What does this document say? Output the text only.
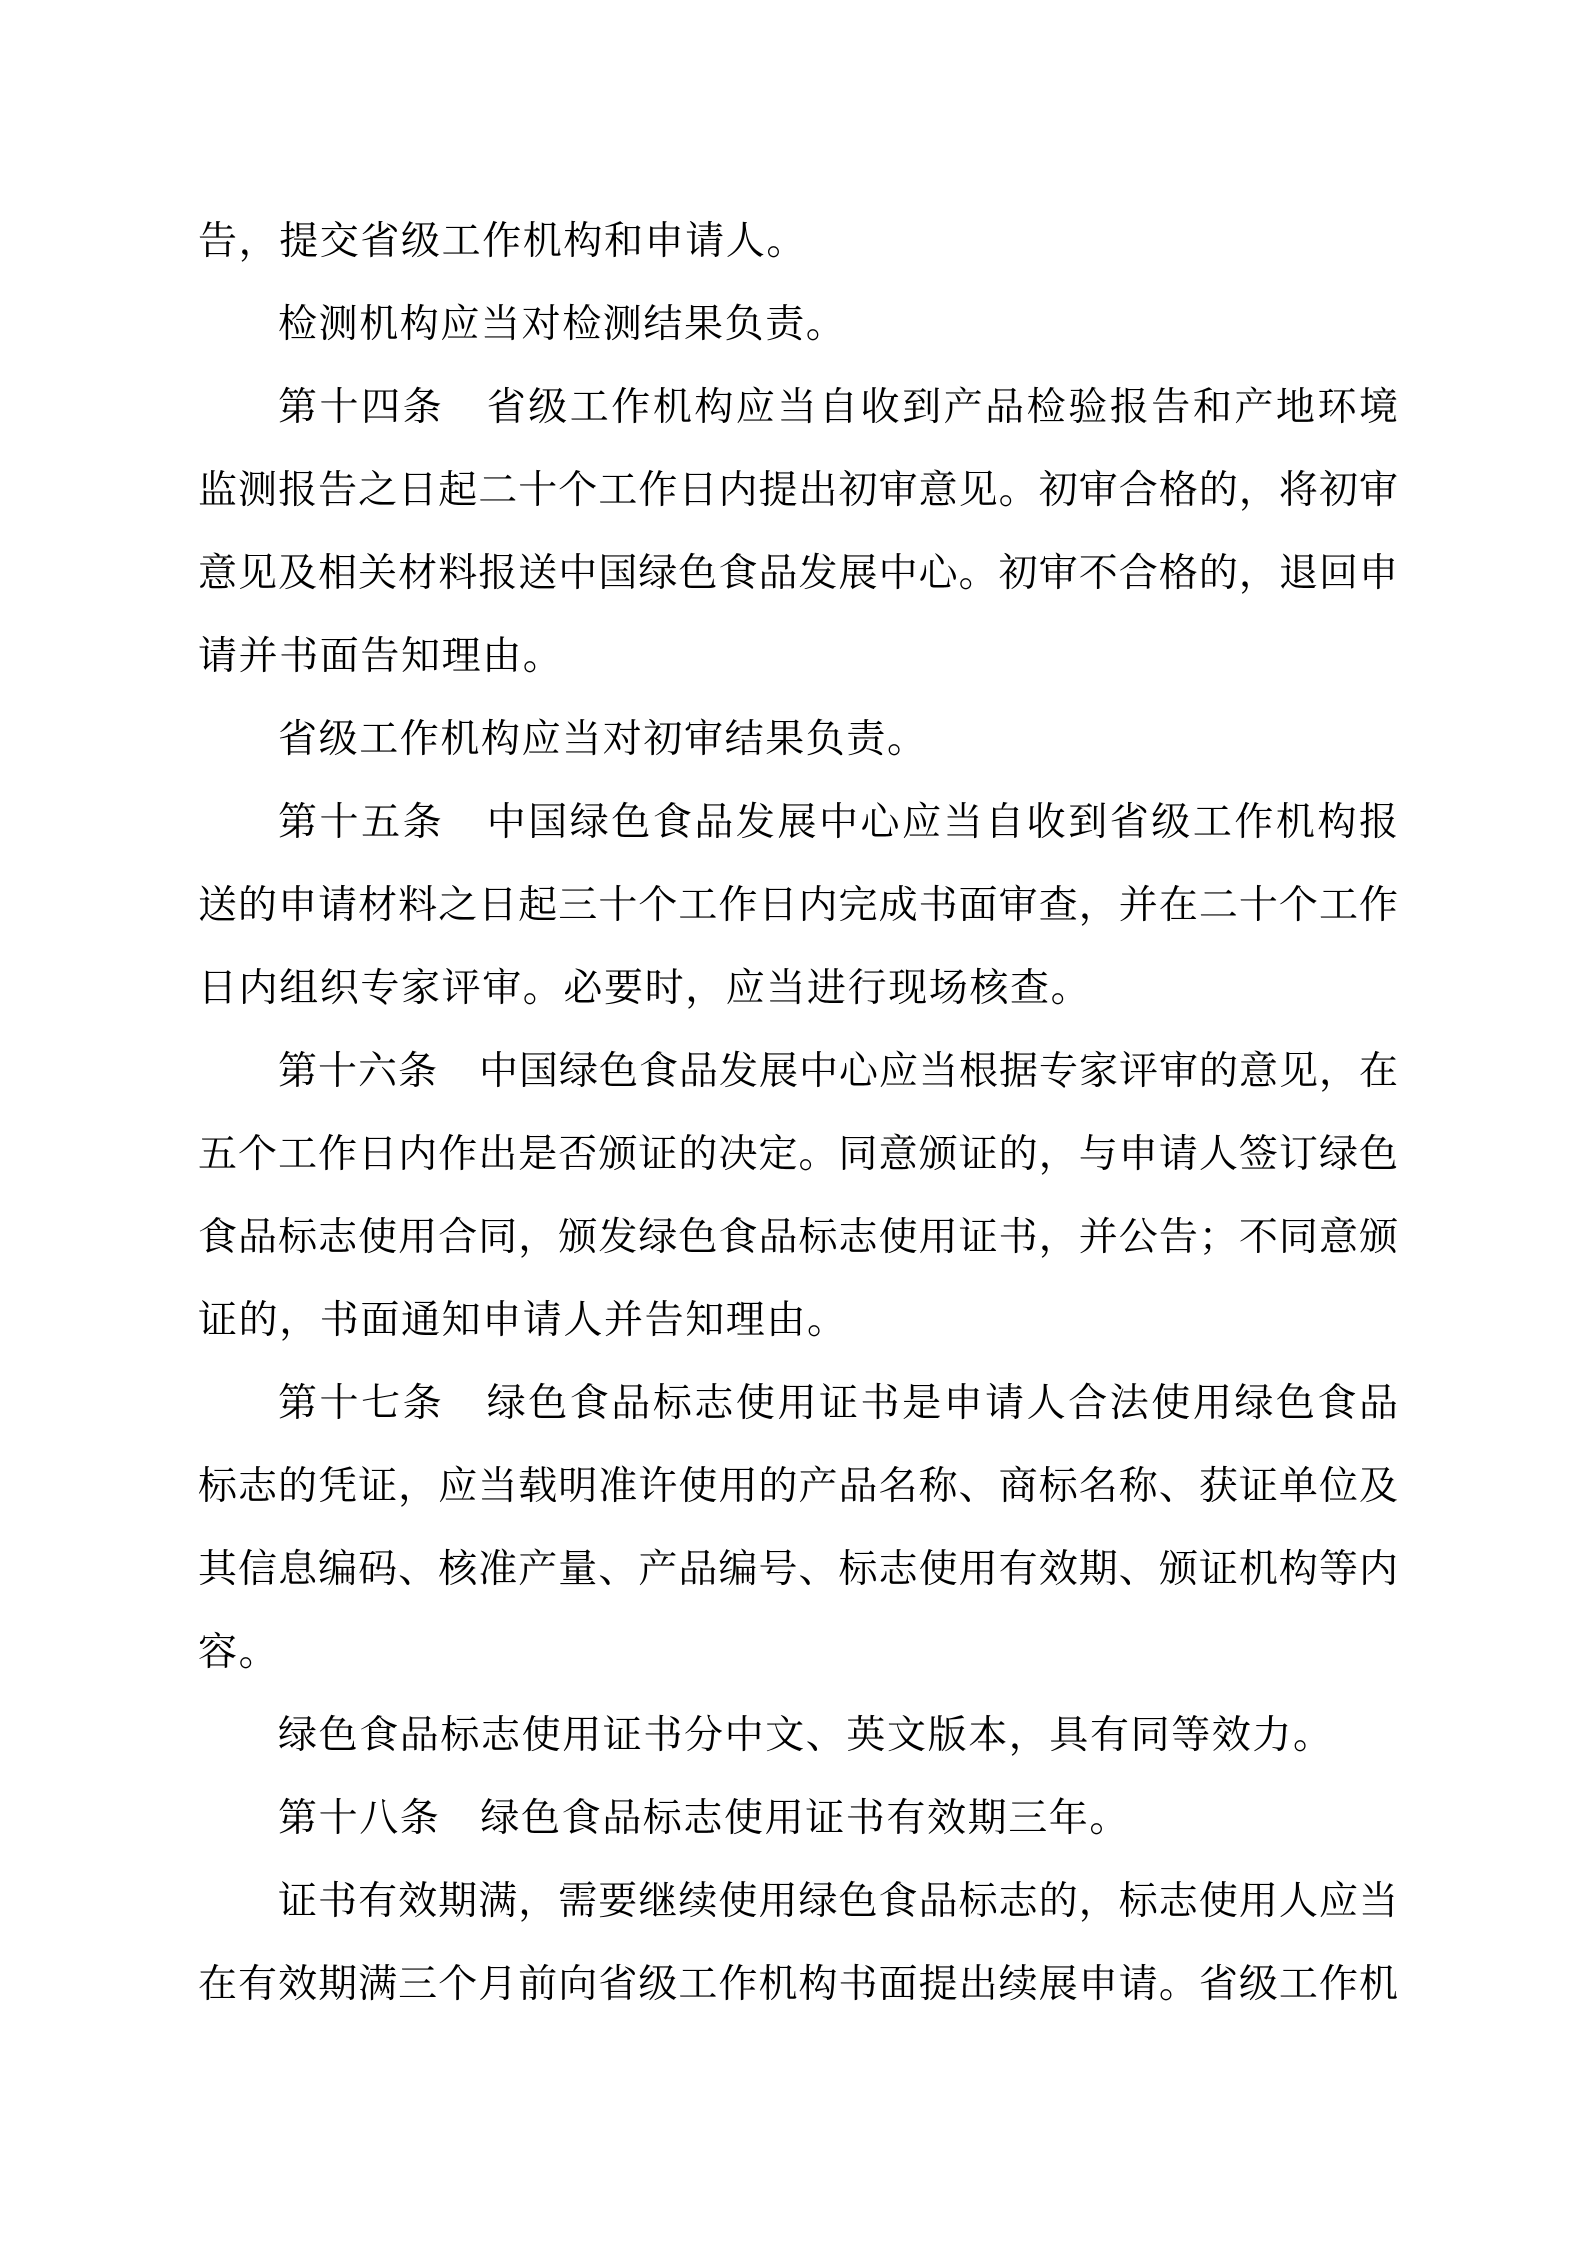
告，提交省级工作机构和申请人。
检测机构应当对检测结果负责。
第十四条 省级工作机构应当自收到产品检验报告和产地环境
监测报告之日起二十个工作日内提出初审意见。初审合格的，将初审
意见及相关材料报送中国绿色食品发展中心。初审不合格的，退回申
请并书面告知理由。
省级工作机构应当对初审结果负责。
第十五条 中国绿色食品发展中心应当自收到省级工作机构报
送的申请材料之日起三十个工作日内完成书面审查，并在二十个工作
日内组织专家评审。必要时，应当进行现场核查。
第十六条 中国绿色食品发展中心应当根据专家评审的意见，在
五个工作日内作出是否颁证的决定。同意颁证的，与申请人签订绿色
食品标志使用合同，颁发绿色食品标志使用证书，并公告；不同意颁
证的，书面通知申请人并告知理由。
第十七条 绿色食品标志使用证书是申请人合法使用绿色食品
标志的凭证，应当载明准许使用的产品名称、商标名称、获证单位及
其信息编码、核准产量、产品编号、标志使用有效期、颁证机构等内
容。
绿色食品标志使用证书分中文、英文版本，具有同等效力。
第十八条 绿色食品标志使用证书有效期三年。
证书有效期满，需要继续使用绿色食品标志的，标志使用人应当
在有效期满三个月前向省级工作机构书面提出续展申请。省级工作机
